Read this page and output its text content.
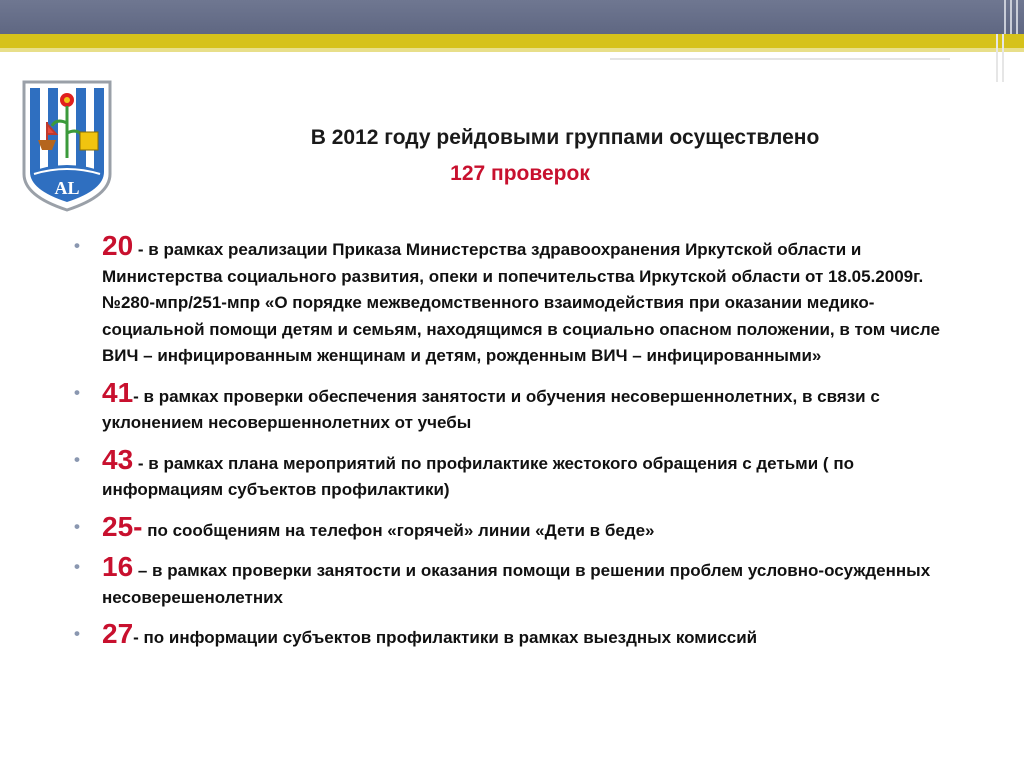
AL
В 2012 году рейдовыми группами осуществлено
127 проверок
• 20 - в рамках реализации Приказа Министерства здравоохранения Иркутской области и Министерства социального развития, опеки и попечительства Иркутской области от 18.05.2009г. №280-мпр/251-мпр «О порядке межведомственного взаимодействия при оказании медико-социальной помощи детям и семьям, находящимся в социально опасном положении, в том числе ВИЧ – инфицированным женщинам и детям, рожденным ВИЧ – инфицированными»
• 41- в рамках проверки обеспечения занятости и обучения несовершеннолетних, в связи с уклонением несовершеннолетних от учебы
• 43 - в рамках плана мероприятий по профилактике жестокого обращения с детьми ( по информациям субъектов профилактики)
• 25- по сообщениям на телефон «горячей» линии «Дети в беде»
• 16 – в рамках проверки занятости и оказания помощи в решении проблем условно-осужденных несоверешенолетних
• 27- по информации субъектов профилактики в рамках выездных комиссий
